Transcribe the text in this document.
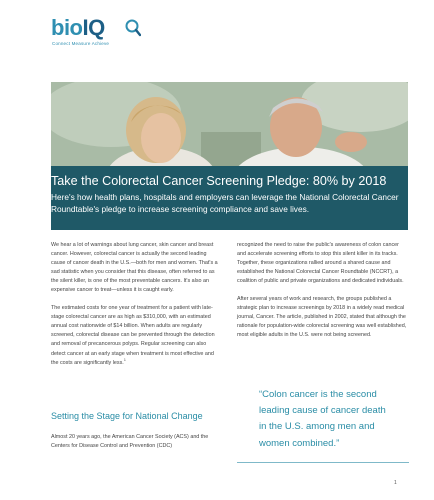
bioIQ
Connect Measure Achieve
Take the Colorectal Cancer Screening Pledge: 80% by 2018
Here's how health plans, hospitals and employers can leverage the National Colorectal Cancer Roundtable's pledge to increase screening compliance and save lives.

We hear a lot of warnings about lung cancer, skin cancer and breast cancer. However, colorectal cancer is actually the second leading cause of cancer death in the U.S.—both for men and women. That's a sad statistic when you consider that this disease, often referred to as the silent killer, is one of the most preventable cancers. It's also an expensive cancer to treat—unless it is caught early.

The estimated costs for one year of treatment for a patient with late-stage colorectal cancer are as high as $310,000, with an estimated annual cost nationwide of $14 billion. When adults are regularly screened, colorectal disease can be prevented through the detection and removal of precancerous polyps. Regular screening can also detect cancer at an early stage when treatment is most effective and the costs are significantly less.$^1$

Setting the Stage for National Change
Almost 20 years ago, the American Cancer Society (ACS) and the Centers for Disease Control and Prevention (CDC)

recognized the need to raise the public's awareness of colon cancer and accelerate screening efforts to stop this silent killer in its tracks. Together, these organizations rallied around a shared cause and established the National Colorectal Cancer Roundtable (NCCRT), a coalition of public and private organizations and dedicated individuals.

After several years of work and research, the groups published a strategic plan to increase screenings by 2018 in a widely read medical journal, Cancer. The article, published in 2002, stated that although the rationale for population-wide colorectal screening was well established, most eligible adults in the U.S. were not being screened.

“Colon cancer is the second leading cause of cancer death in the U.S. among men and women combined.”
1
